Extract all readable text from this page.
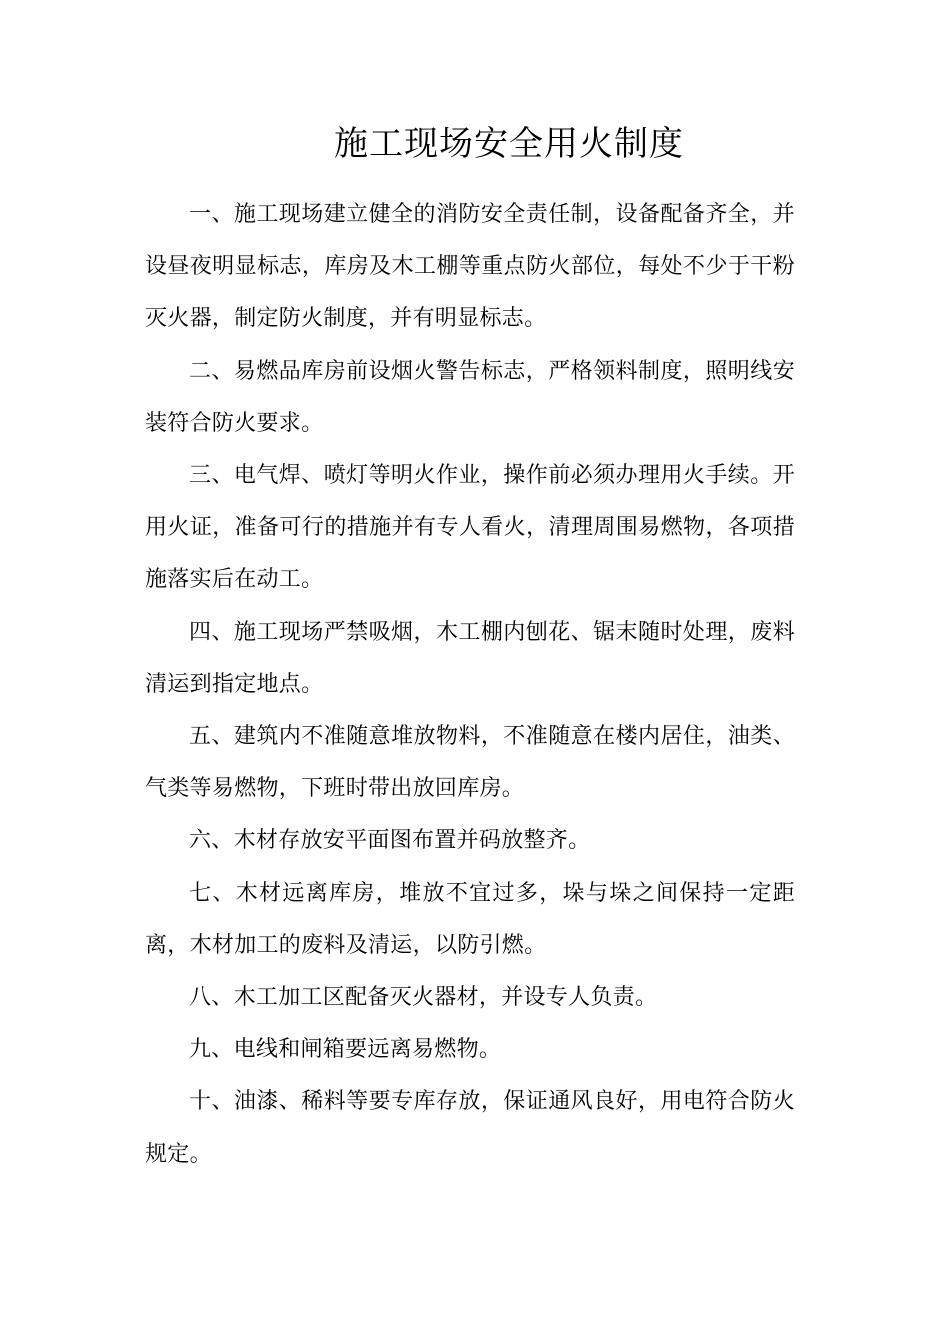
施工现场安全用火制度

一、施工现场建立健全的消防安全责任制，设备配备齐全，并设昼夜明显标志，库房及木工棚等重点防火部位，每处不少于干粉灭火器，制定防火制度，并有明显标志。

二、易燃品库房前设烟火警告标志，严格领料制度，照明线安装符合防火要求。

三、电气焊、喷灯等明火作业，操作前必须办理用火手续。开用火证，准备可行的措施并有专人看火，清理周围易燃物，各项措施落实后在动工。

四、施工现场严禁吸烟，木工棚内刨花、锯末随时处理，废料清运到指定地点。

五、建筑内不准随意堆放物料，不准随意在楼内居住，油类、气类等易燃物，下班时带出放回库房。

六、木材存放安平面图布置并码放整齐。

七、木材远离库房，堆放不宜过多，垛与垛之间保持一定距离，木材加工的废料及清运，以防引燃。

八、木工加工区配备灭火器材，并设专人负责。

九、电线和闸箱要远离易燃物。

十、油漆、稀料等要专库存放，保证通风良好，用电符合防火规定。
